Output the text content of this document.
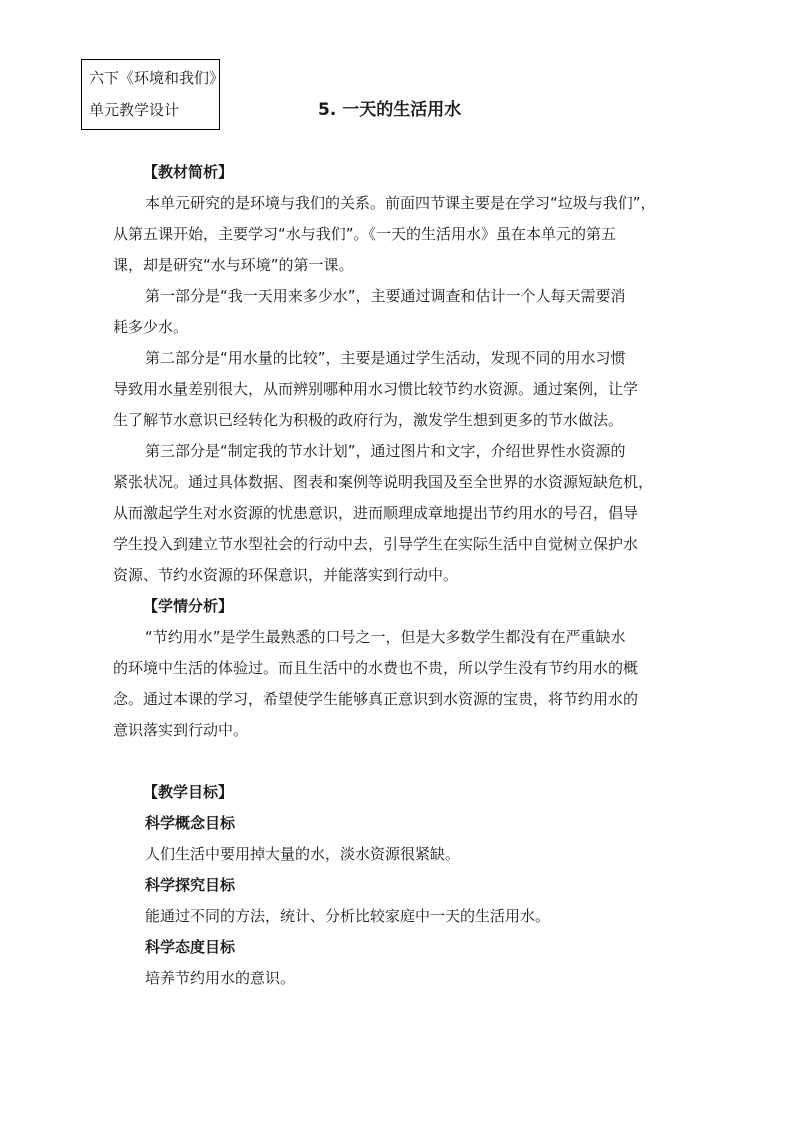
六下《环境和我们》
单元教学设计	5. 一天的生活用水
【教材简析】
本单元研究的是环境与我们的关系。前面四节课主要是在学习“垃圾与我们”，
从第五课开始，主要学习“水与我们”。《一天的生活用水》虽在本单元的第五
课，却是研究“水与环境”的第一课。
第一部分是“我一天用来多少水”，主要通过调查和估计一个人每天需要消
耗多少水。
第二部分是“用水量的比较”，主要是通过学生活动，发现不同的用水习惯
导致用水量差别很大，从而辨别哪种用水习惯比较节约水资源。通过案例，让学
生了解节水意识已经转化为积极的政府行为，激发学生想到更多的节水做法。
第三部分是“制定我的节水计划”，通过图片和文字，介绍世界性水资源的
紧张状况。通过具体数据、图表和案例等说明我国及至全世界的水资源短缺危机，
从而激起学生对水资源的忧患意识，进而顺理成章地提出节约用水的号召，倡导
学生投入到建立节水型社会的行动中去，引导学生在实际生活中自觉树立保护水
资源、节约水资源的环保意识，并能落实到行动中。
【学情分析】
“节约用水”是学生最熟悉的口号之一，但是大多数学生都没有在严重缺水
的环境中生活的体验过。而且生活中的水费也不贵，所以学生没有节约用水的概
念。通过本课的学习，希望使学生能够真正意识到水资源的宝贵，将节约用水的
意识落实到行动中。
【教学目标】
科学概念目标
人们生活中要用掉大量的水，淡水资源很紧缺。
科学探究目标
能通过不同的方法，统计、分析比较家庭中一天的生活用水。
科学态度目标
培养节约用水的意识。
